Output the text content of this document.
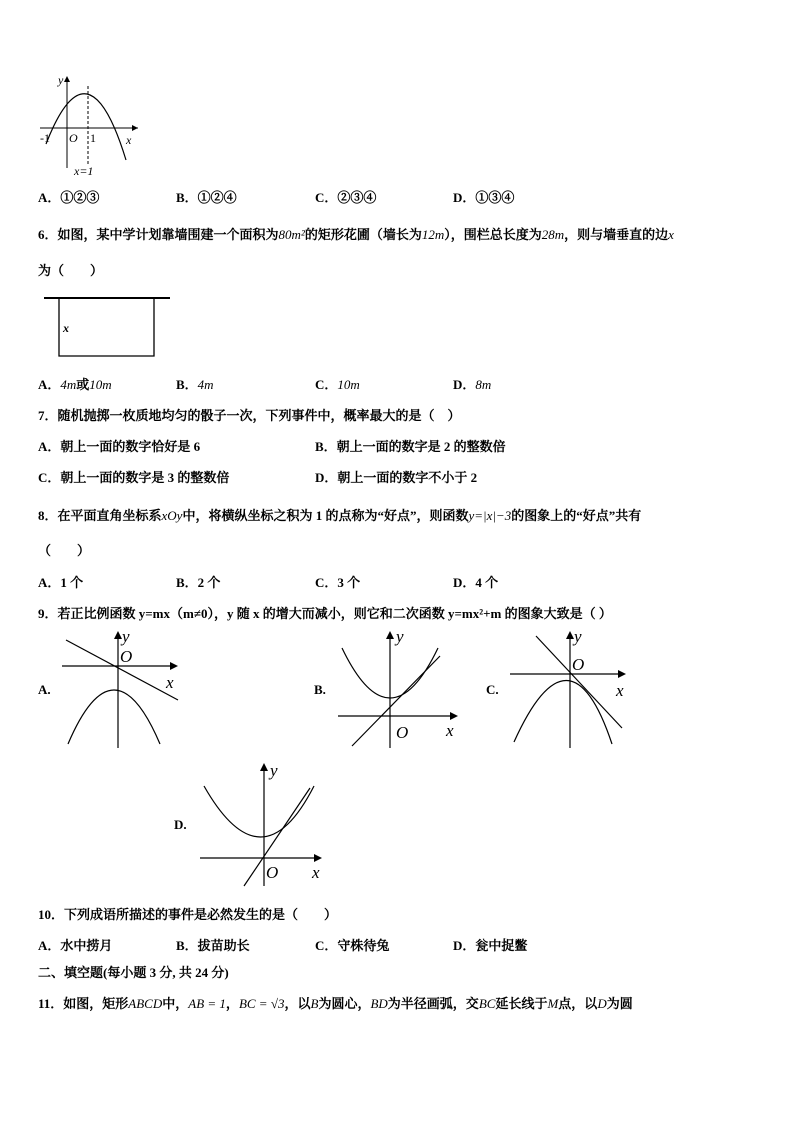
y
x
-1 O 1
x=1
A．①②③	B．①②④	C．②③④	D．①③④
6．如图，某中学计划靠墙围建一个面积为80m²的矩形花圃（墙长为12m），围栏总长度为28m，则与墙垂直的边x
为（　　）
x
A．4m或10m	B．4m	C．10m	D．8m
7．随机抛掷一枚质地均匀的骰子一次，下列事件中，概率最大的是（　）
A．朝上一面的数字恰好是 6	B．朝上一面的数字是 2 的整数倍
C．朝上一面的数字是 3 的整数倍	D．朝上一面的数字不小于 2
8．在平面直角坐标系xOy中，将横纵坐标之积为 1 的点称为“好点”，则函数y=|x|−3的图象上的“好点”共有
（　　）
A．1 个	B．2 个	C．3 个	D．4 个
9．若正比例函数 y=mx（m≠0），y 随 x 的增大而减小，则它和二次函数 y=mx²+m 的图象大致是（ ）
A.
y
x
O
B.
y
x
O
C.
y
x
O
D.
y
x
O
10．下列成语所描述的事件是必然发生的是（　　）
A．水中捞月	B．拔苗助长	C．守株待兔	D．瓮中捉鳖
二、填空题(每小题 3 分, 共 24 分)
11．如图，矩形ABCD中，AB = 1，BC = √3，以B为圆心，BD为半径画弧，交BC延长线于M点，以D为圆
